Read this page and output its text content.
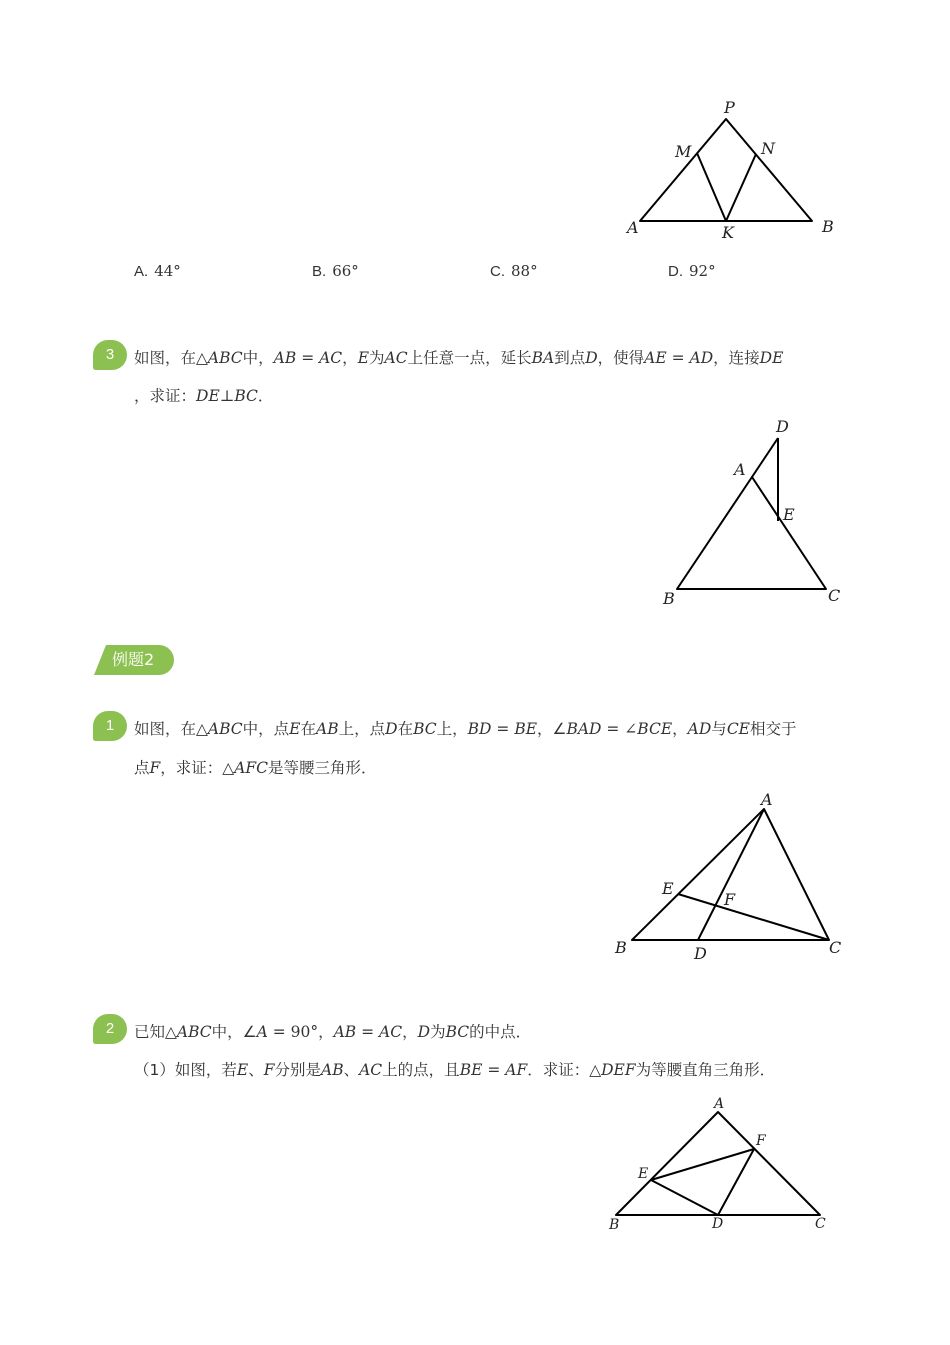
P
M	N
A	K	B
A. 44°	B. 66°	C. 88°	D. 92°
3	如图，在△ABC中，AB = AC，E为AC上任意一点，延长BA到点D，使得AE = AD，连接DE
，求证：DE⊥BC．
D
A
E
B	C
例题2
1	如图，在△ABC中，点E在AB上，点D在BC上，BD = BE，∠BAD = ∠BCE，AD与CE相交于
点F，求证：△AFC是等腰三角形．
A
E
F
B	D	C
2	已知△ABC中，∠A = 90°，AB = AC，D为BC的中点．
（1）如图，若E、F分别是AB、AC上的点，且BE = AF．求证：△DEF为等腰直角三角形．
A
F
E
B	D	C
